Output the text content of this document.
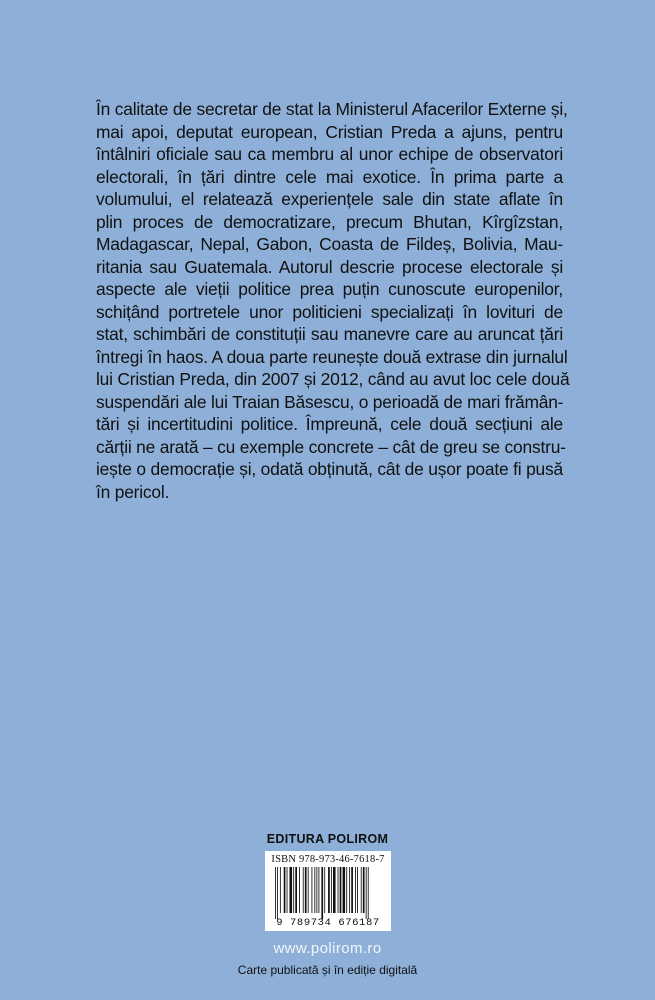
În calitate de secretar de stat la Ministerul Afacerilor Externe și,
mai apoi, deputat european, Cristian Preda a ajuns, pentru
întâlniri oficiale sau ca membru al unor echipe de observatori
electorali, în țări dintre cele mai exotice. În prima parte a
volumului, el relatează experiențele sale din state aflate în
plin proces de democratizare, precum Bhutan, Kîrgîzstan,
Madagascar, Nepal, Gabon, Coasta de Fildeș, Bolivia, Mau-
ritania sau Guatemala. Autorul descrie procese electorale și
aspecte ale vieții politice prea puțin cunoscute europenilor,
schițând portretele unor politicieni specializați în lovituri de
stat, schimbări de constituții sau manevre care au aruncat țări
întregi în haos. A doua parte reunește două extrase din jurnalul
lui Cristian Preda, din 2007 și 2012, când au avut loc cele două
suspendări ale lui Traian Băsescu, o perioadă de mari frămân-
tări și incertitudini politice. Împreună, cele două secțiuni ale
cărții ne arată – cu exemple concrete – cât de greu se constru-
iește o democrație și, odată obținută, cât de ușor poate fi pusă
în pericol.
EDITURA POLIROM
ISBN 978-973-46-7618-7
9 789734 676187
www.polirom.ro
Carte publicată și în ediție digitală
